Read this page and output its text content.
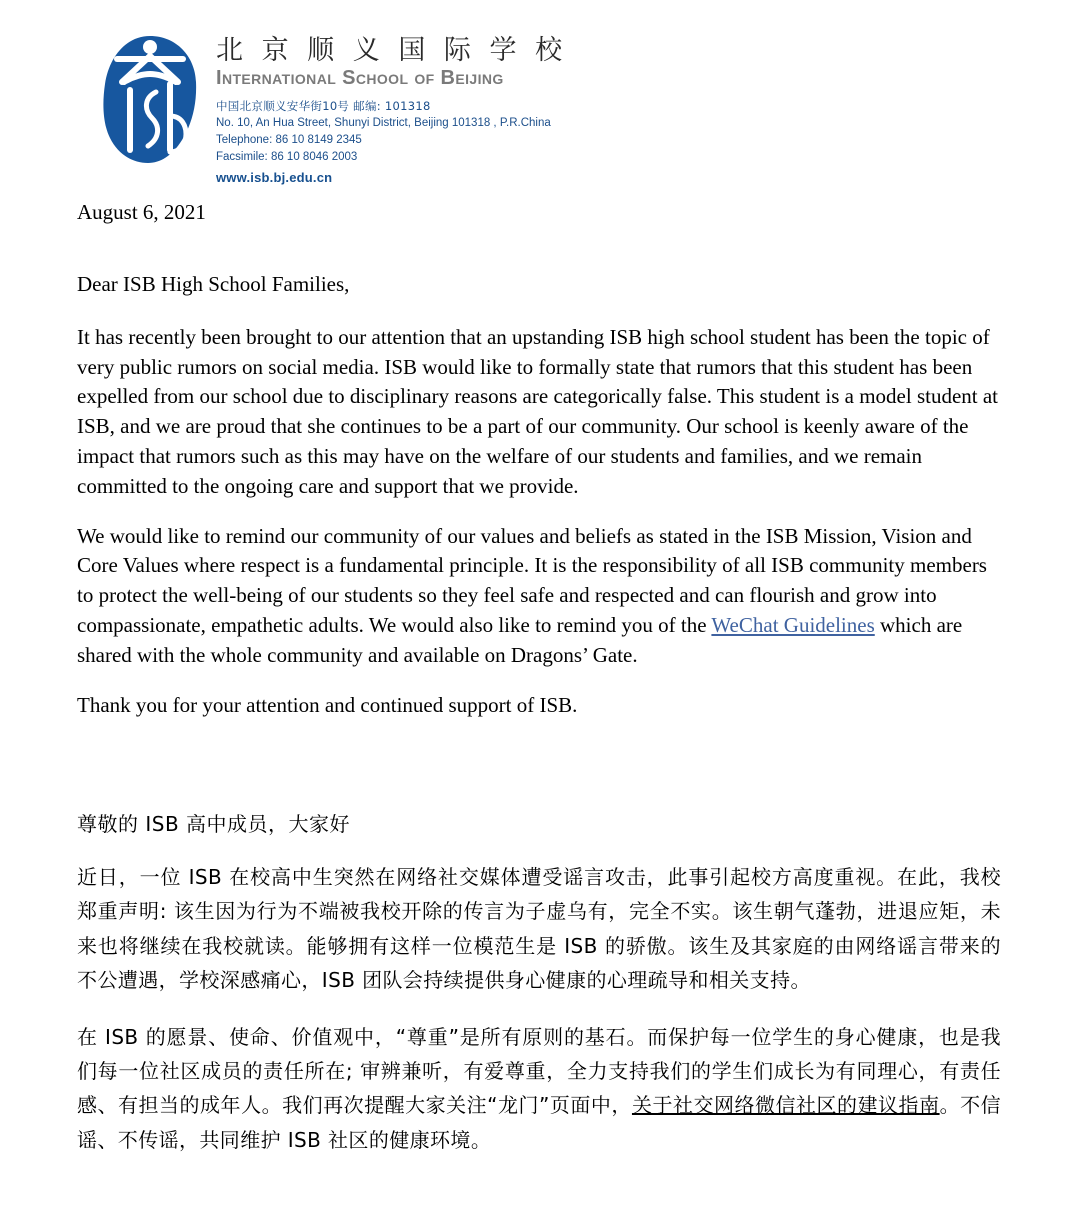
北 京 顺 义 国 际 学 校
International School of Beijing
中国北京顺义安华街10号 邮编: 101318
No. 10, An Hua Street, Shunyi District, Beijing 101318 , P.R.China
Telephone: 86 10 8149 2345
Facsimile: 86 10 8046 2003
www.isb.bj.edu.cn
August 6, 2021
Dear ISB High School Families,

It has recently been brought to our attention that an upstanding ISB high school student has been the topic of very public rumors on social media. ISB would like to formally state that rumors that this student has been expelled from our school due to disciplinary reasons are categorically false. This student is a model student at ISB, and we are proud that she continues to be a part of our community. Our school is keenly aware of the impact that rumors such as this may have on the welfare of our students and families, and we remain committed to the ongoing care and support that we provide.

We would like to remind our community of our values and beliefs as stated in the ISB Mission, Vision and Core Values where respect is a fundamental principle. It is the responsibility of all ISB community members to protect the well-being of our students so they feel safe and respected and can flourish and grow into compassionate, empathetic adults. We would also like to remind you of the WeChat Guidelines which are shared with the whole community and available on Dragons’ Gate.

Thank you for your attention and continued support of ISB.

尊敬的 ISB 高中成员，大家好

近日，一位 ISB 在校高中生突然在网络社交媒体遭受谣言攻击，此事引起校方高度重视。在此，我校郑重声明: 该生因为行为不端被我校开除的传言为子虚乌有，完全不实。该生朝气蓬勃，进退应矩，未来也将继续在我校就读。能够拥有这样一位模范生是 ISB 的骄傲。该生及其家庭的由网络谣言带来的不公遭遇，学校深感痛心，ISB 团队会持续提供身心健康的心理疏导和相关支持。

在 ISB 的愿景、使命、价值观中，“尊重”是所有原则的基石。而保护每一位学生的身心健康，也是我们每一位社区成员的责任所在; 审辨兼听，有爱尊重，全力支持我们的学生们成长为有同理心，有责任感、有担当的成年人。我们再次提醒大家关注“龙门”页面中，关于社交网络微信社区的建议指南。不信谣、不传谣，共同维护 ISB 社区的健康环境。
